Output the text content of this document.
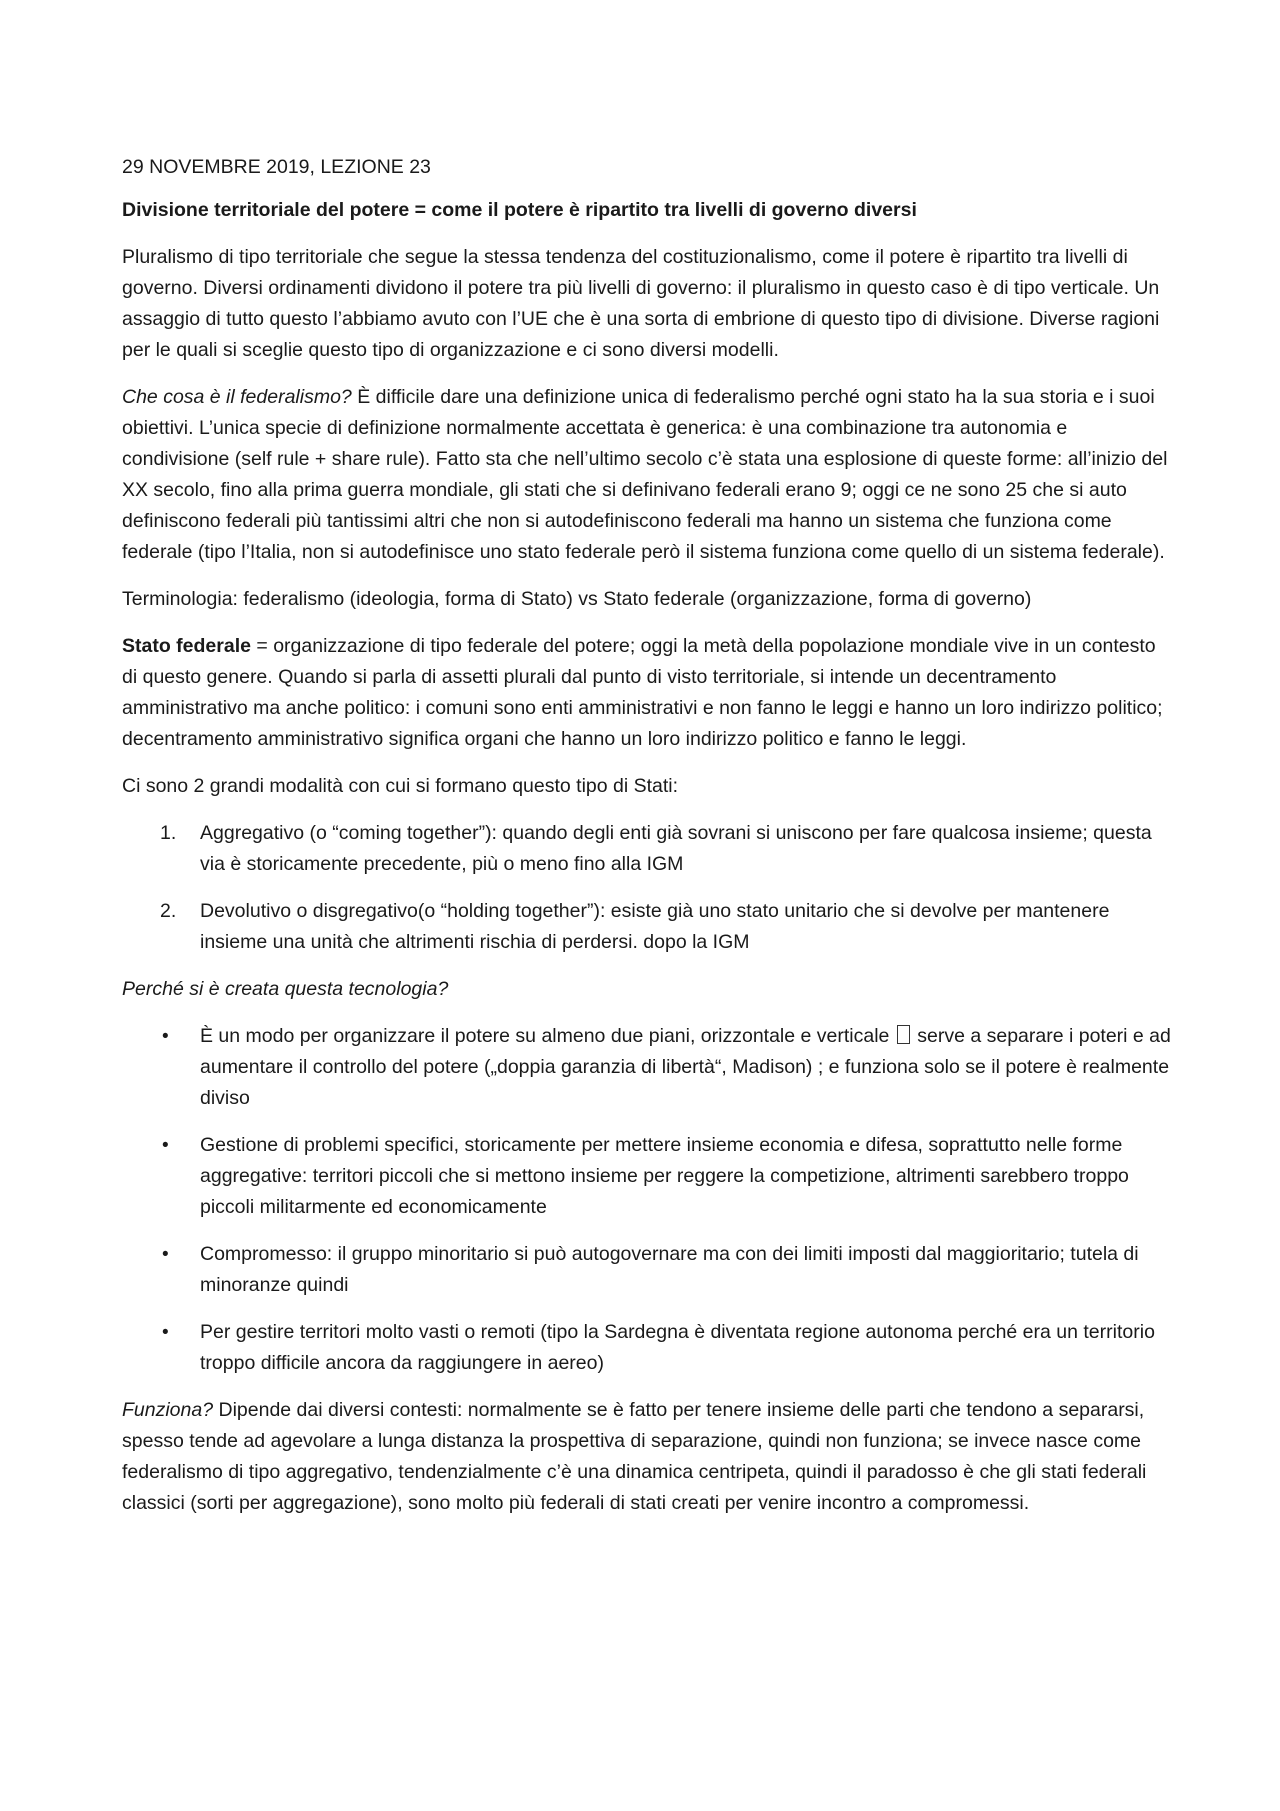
29 NOVEMBRE 2019, LEZIONE 23

Divisione territoriale del potere = come il potere è ripartito tra livelli di governo diversi

Pluralismo di tipo territoriale che segue la stessa tendenza del costituzionalismo, come il potere è ripartito tra livelli di governo. Diversi ordinamenti dividono il potere tra più livelli di governo: il pluralismo in questo caso è di tipo verticale. Un assaggio di tutto questo l’abbiamo avuto con l’UE che è una sorta di embrione di questo tipo di divisione. Diverse ragioni per le quali si sceglie questo tipo di organizzazione e ci sono diversi modelli.

Che cosa è il federalismo? È difficile dare una definizione unica di federalismo perché ogni stato ha la sua storia e i suoi obiettivi. L’unica specie di definizione normalmente accettata è generica: è una combinazione tra autonomia e condivisione (self rule + share rule). Fatto sta che nell’ultimo secolo c’è stata una esplosione di queste forme: all’inizio del XX secolo, fino alla prima guerra mondiale, gli stati che si definivano federali erano 9; oggi ce ne sono 25 che si auto definiscono federali più tantissimi altri che non si autodefiniscono federali ma hanno un sistema che funziona come federale (tipo l’Italia, non si autodefinisce uno stato federale però il sistema funziona come quello di un sistema federale).

Terminologia: federalismo (ideologia, forma di Stato) vs Stato federale (organizzazione, forma di governo)

Stato federale = organizzazione di tipo federale del potere; oggi la metà della popolazione mondiale vive in un contesto di questo genere. Quando si parla di assetti plurali dal punto di visto territoriale, si intende un decentramento amministrativo ma anche politico: i comuni sono enti amministrativi e non fanno le leggi e hanno un loro indirizzo politico; decentramento amministrativo significa organi che hanno un loro indirizzo politico e fanno le leggi.

Ci sono 2 grandi modalità con cui si formano questo tipo di Stati:

1. Aggregativo (o “coming together”): quando degli enti già sovrani si uniscono per fare qualcosa insieme; questa via è storicamente precedente, più o meno fino alla IGM
2. Devolutivo o disgregativo(o “holding together”): esiste già uno stato unitario che si devolve per mantenere insieme una unità che altrimenti rischia di perdersi. dopo la IGM

Perché si è creata questa tecnologia?

• È un modo per organizzare il potere su almeno due piani, orizzontale e verticale  serve a separare i poteri e ad aumentare il controllo del potere („doppia garanzia di libertà“, Madison) ; e funziona solo se il potere è realmente diviso
• Gestione di problemi specifici, storicamente per mettere insieme economia e difesa, soprattutto nelle forme aggregative: territori piccoli che si mettono insieme per reggere la competizione, altrimenti sarebbero troppo piccoli militarmente ed economicamente
• Compromesso: il gruppo minoritario si può autogovernare ma con dei limiti imposti dal maggioritario; tutela di minoranze quindi
• Per gestire territori molto vasti o remoti (tipo la Sardegna è diventata regione autonoma perché era un territorio troppo difficile ancora da raggiungere in aereo)

Funziona? Dipende dai diversi contesti: normalmente se è fatto per tenere insieme delle parti che tendono a separarsi, spesso tende ad agevolare a lunga distanza la prospettiva di separazione, quindi non funziona; se invece nasce come federalismo di tipo aggregativo, tendenzialmente c’è una dinamica centripeta, quindi il paradosso è che gli stati federali classici (sorti per aggregazione), sono molto più federali di stati creati per venire incontro a compromessi.
